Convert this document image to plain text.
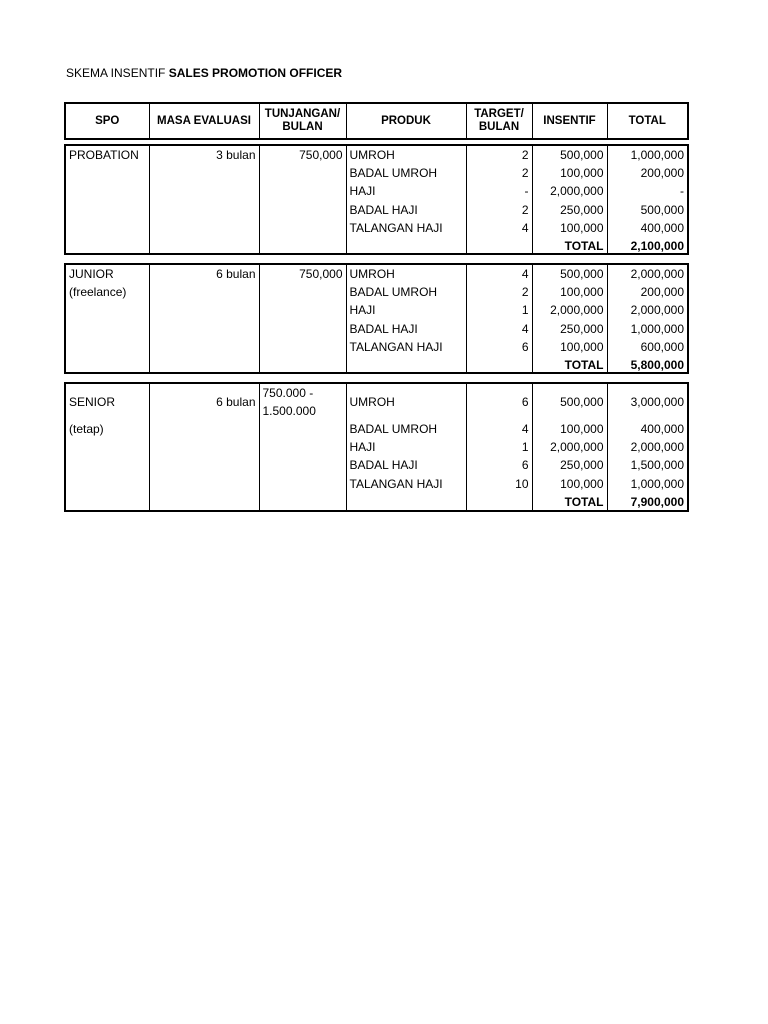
SKEMA INSENTIF SALES PROMOTION OFFICER
SPO	MASA EVALUASI	TUNJANGAN/ BULAN	PRODUK	TARGET/ BULAN	INSENTIF	TOTAL
PROBATION	3 bulan	750,000	UMROH	2	500,000	1,000,000
			BADAL UMROH	2	100,000	200,000
			HAJI	-	2,000,000	-
			BADAL HAJI	2	250,000	500,000
			TALANGAN HAJI	4	100,000	400,000
					TOTAL	2,100,000
JUNIOR	6 bulan	750,000	UMROH	4	500,000	2,000,000
(freelance)			BADAL UMROH	2	100,000	200,000
			HAJI	1	2,000,000	2,000,000
			BADAL HAJI	4	250,000	1,000,000
			TALANGAN HAJI	6	100,000	600,000
					TOTAL	5,800,000
SENIOR	6 bulan	750.000 - 1.500.000	UMROH	6	500,000	3,000,000
(tetap)			BADAL UMROH	4	100,000	400,000
			HAJI	1	2,000,000	2,000,000
			BADAL HAJI	6	250,000	1,500,000
			TALANGAN HAJI	10	100,000	1,000,000
					TOTAL	7,900,000
